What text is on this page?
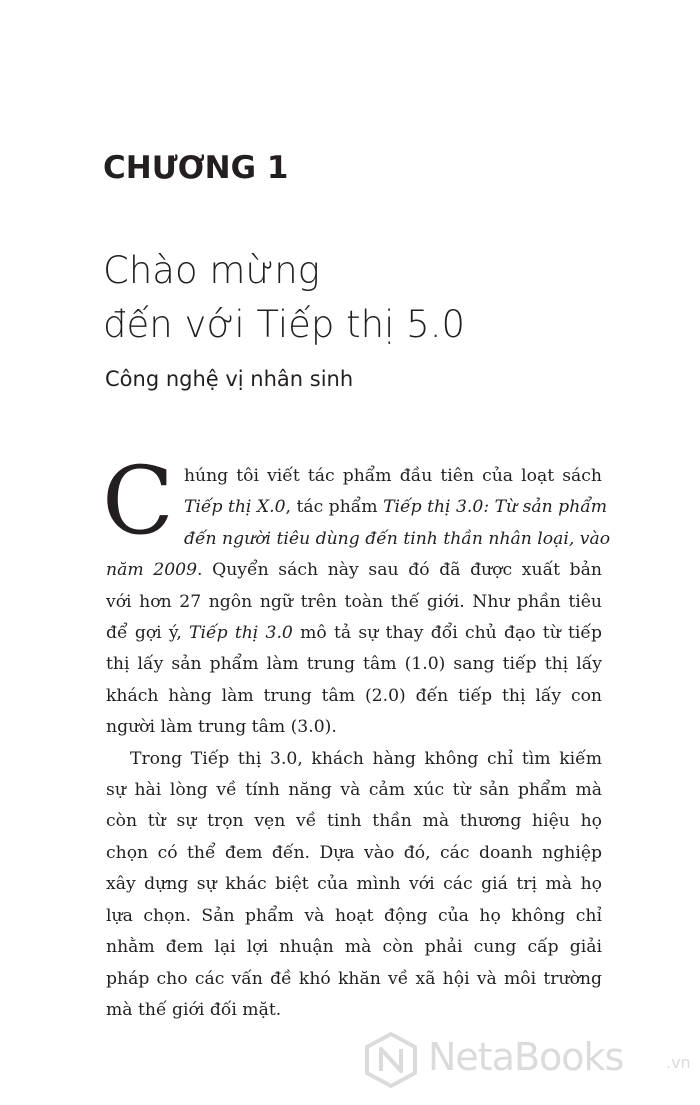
CHƯƠNG 1
Chào mừng
đến với Tiếp thị 5.0
Công nghệ vị nhân sinh

C húng tôi viết tác phẩm đầu tiên của loạt sách
Tiếp thị X.0, tác phẩm Tiếp thị 3.0: Từ sản phẩm
đến người tiêu dùng đến tinh thần nhân loại, vào
năm 2009. Quyển sách này sau đó đã được xuất bản
với hơn 27 ngôn ngữ trên toàn thế giới. Như phần tiêu
để gợi ý, Tiếp thị 3.0 mô tả sự thay đổi chủ đạo từ tiếp
thị lấy sản phẩm làm trung tâm (1.0) sang tiếp thị lấy
khách hàng làm trung tâm (2.0) đến tiếp thị lấy con
người làm trung tâm (3.0).

Trong Tiếp thị 3.0, khách hàng không chỉ tìm kiếm
sự hài lòng về tính năng và cảm xúc từ sản phẩm mà
còn từ sự trọn vẹn về tinh thần mà thương hiệu họ
chọn có thể đem đến. Dựa vào đó, các doanh nghiệp
xây dựng sự khác biệt của mình với các giá trị mà họ
lựa chọn. Sản phẩm và hoạt động của họ không chỉ
nhằm đem lại lợi nhuận mà còn phải cung cấp giải
pháp cho các vấn đề khó khăn về xã hội và môi trường
mà thế giới đối mặt.

NetaBooks	.vn
